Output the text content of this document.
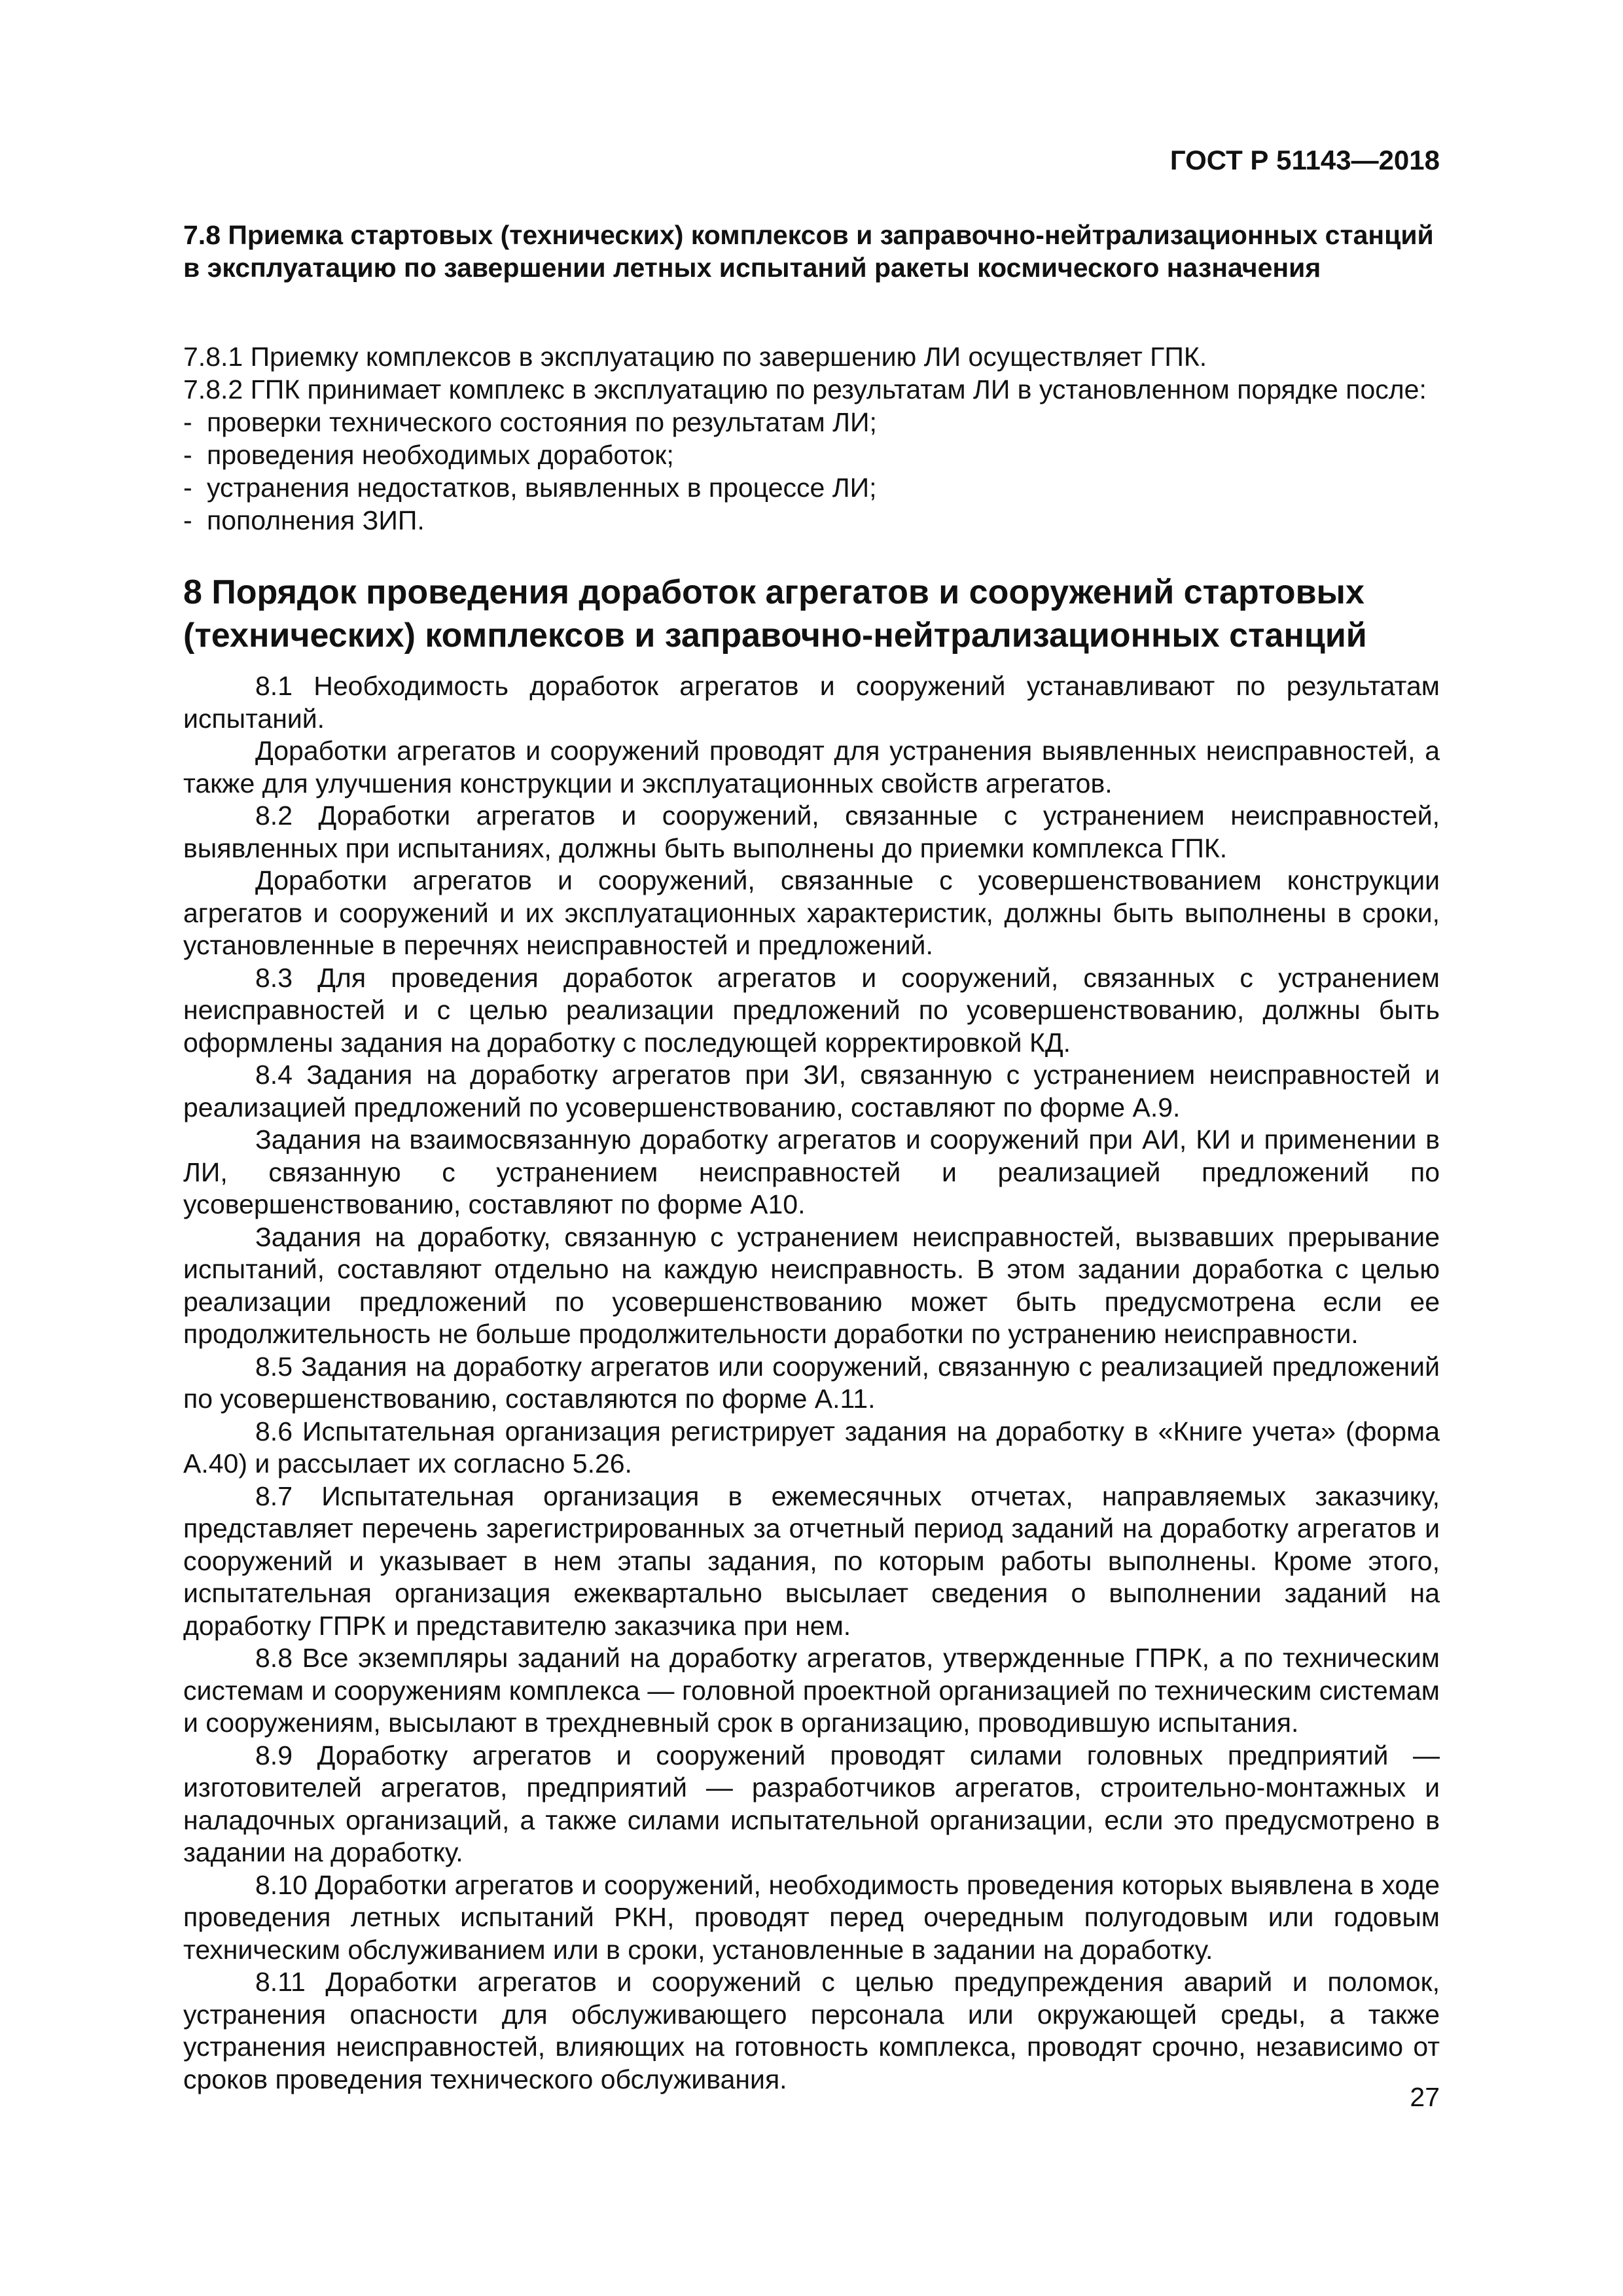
ГОСТ Р 51143—2018
7.8 Приемка стартовых (технических) комплексов и заправочно-нейтрализационных станций в эксплуатацию по завершении летных испытаний ракеты космического назначения

7.8.1 Приемку комплексов в эксплуатацию по завершению ЛИ осуществляет ГПК.

7.8.2 ГПК принимает комплекс в эксплуатацию по результатам ЛИ в установленном порядке после:

- проверки технического состояния по результатам ЛИ;

- проведения необходимых доработок;

- устранения недостатков, выявленных в процессе ЛИ;

- пополнения ЗИП.

8 Порядок проведения доработок агрегатов и сооружений стартовых (технических) комплексов и заправочно-нейтрализационных станций

8.1 Необходимость доработок агрегатов и сооружений устанавливают по результатам испытаний.

Доработки агрегатов и сооружений проводят для устранения выявленных неисправностей, а также для улучшения конструкции и эксплуатационных свойств агрегатов.

8.2 Доработки агрегатов и сооружений, связанные с устранением неисправностей, выявленных при испытаниях, должны быть выполнены до приемки комплекса ГПК.

Доработки агрегатов и сооружений, связанные с усовершенствованием конструкции агрегатов и сооружений и их эксплуатационных характеристик, должны быть выполнены в сроки, установленные в перечнях неисправностей и предложений.

8.3 Для проведения доработок агрегатов и сооружений, связанных с устранением неисправностей и с целью реализации предложений по усовершенствованию, должны быть оформлены задания на доработку с последующей корректировкой КД.

8.4 Задания на доработку агрегатов при ЗИ, связанную с устранением неисправностей и реализацией предложений по усовершенствованию, составляют по форме А.9.

Задания на взаимосвязанную доработку агрегатов и сооружений при АИ, КИ и применении в ЛИ, связанную с устранением неисправностей и реализацией предложений по усовершенствованию, составляют по форме А10.

Задания на доработку, связанную с устранением неисправностей, вызвавших прерывание испытаний, составляют отдельно на каждую неисправность. В этом задании доработка с целью реализации предложений по усовершенствованию может быть предусмотрена если ее продолжительность не больше продолжительности доработки по устранению неисправности.

8.5 Задания на доработку агрегатов или сооружений, связанную с реализацией предложений по усовершенствованию, составляются по форме А.11.

8.6 Испытательная организация регистрирует задания на доработку в «Книге учета» (форма А.40) и рассылает их согласно 5.26.

8.7 Испытательная организация в ежемесячных отчетах, направляемых заказчику, представляет перечень зарегистрированных за отчетный период заданий на доработку агрегатов и сооружений и указывает в нем этапы задания, по которым работы выполнены. Кроме этого, испытательная организация ежеквартально высылает сведения о выполнении заданий на доработку ГПРК и представителю заказчика при нем.

8.8 Все экземпляры заданий на доработку агрегатов, утвержденные ГПРК, а по техническим системам и сооружениям комплекса — головной проектной организацией по техническим системам и сооружениям, высылают в трехдневный срок в организацию, проводившую испытания.

8.9 Доработку агрегатов и сооружений проводят силами головных предприятий — изготовителей агрегатов, предприятий — разработчиков агрегатов, строительно-монтажных и наладочных организаций, а также силами испытательной организации, если это предусмотрено в задании на доработку.

8.10 Доработки агрегатов и сооружений, необходимость проведения которых выявлена в ходе проведения летных испытаний РКН, проводят перед очередным полугодовым или годовым техническим обслуживанием или в сроки, установленные в задании на доработку.

8.11 Доработки агрегатов и сооружений с целью предупреждения аварий и поломок, устранения опасности для обслуживающего персонала или окружающей среды, а также устранения неисправностей, влияющих на готовность комплекса, проводят срочно, независимо от сроков проведения технического обслуживания.

27
